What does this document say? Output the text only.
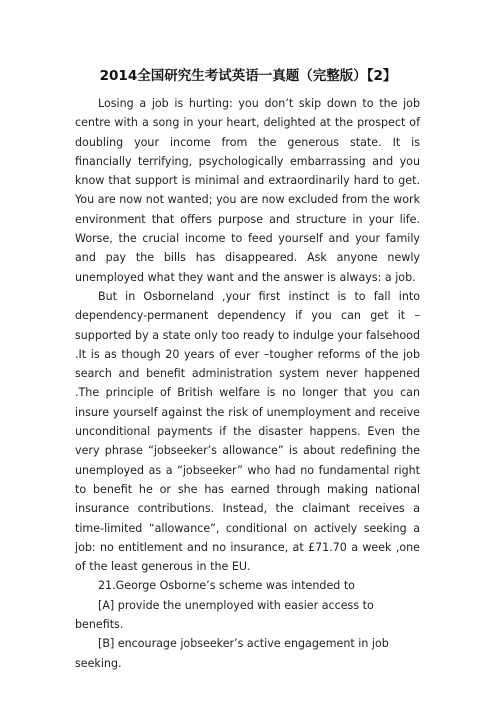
2014全国研究生考试英语一真题（完整版）【2】

Losing a job is hurting: you don’t skip down to the job centre with a song in your heart, delighted at the prospect of doubling your income from the generous state. It is financially terrifying, psychologically embarrassing and you know that support is minimal and extraordinarily hard to get. You are now not wanted; you are now excluded from the work environment that offers purpose and structure in your life. Worse, the crucial income to feed yourself and your family and pay the bills has disappeared. Ask anyone newly unemployed what they want and the answer is always: a job.

But in Osborneland ,your first instinct is to fall into dependency-permanent dependency if you can get it –supported by a state only too ready to indulge your falsehood .It is as though 20 years of ever –tougher reforms of the job search and benefit administration system never happened .The principle of British welfare is no longer that you can insure yourself against the risk of unemployment and receive unconditional payments if the disaster happens. Even the very phrase “jobseeker’s allowance” is about redefining the unemployed as a “jobseeker” who had no fundamental right to benefit he or she has earned through making national insurance contributions. Instead, the claimant receives a time-limited “allowance”, conditional on actively seeking a job: no entitlement and no insurance, at £71.70 a week ,one of the least generous in the EU.

21.George Osborne’s scheme was intended to

[A] provide the unemployed with easier access to benefits.

[B] encourage jobseeker’s active engagement in job seeking.
